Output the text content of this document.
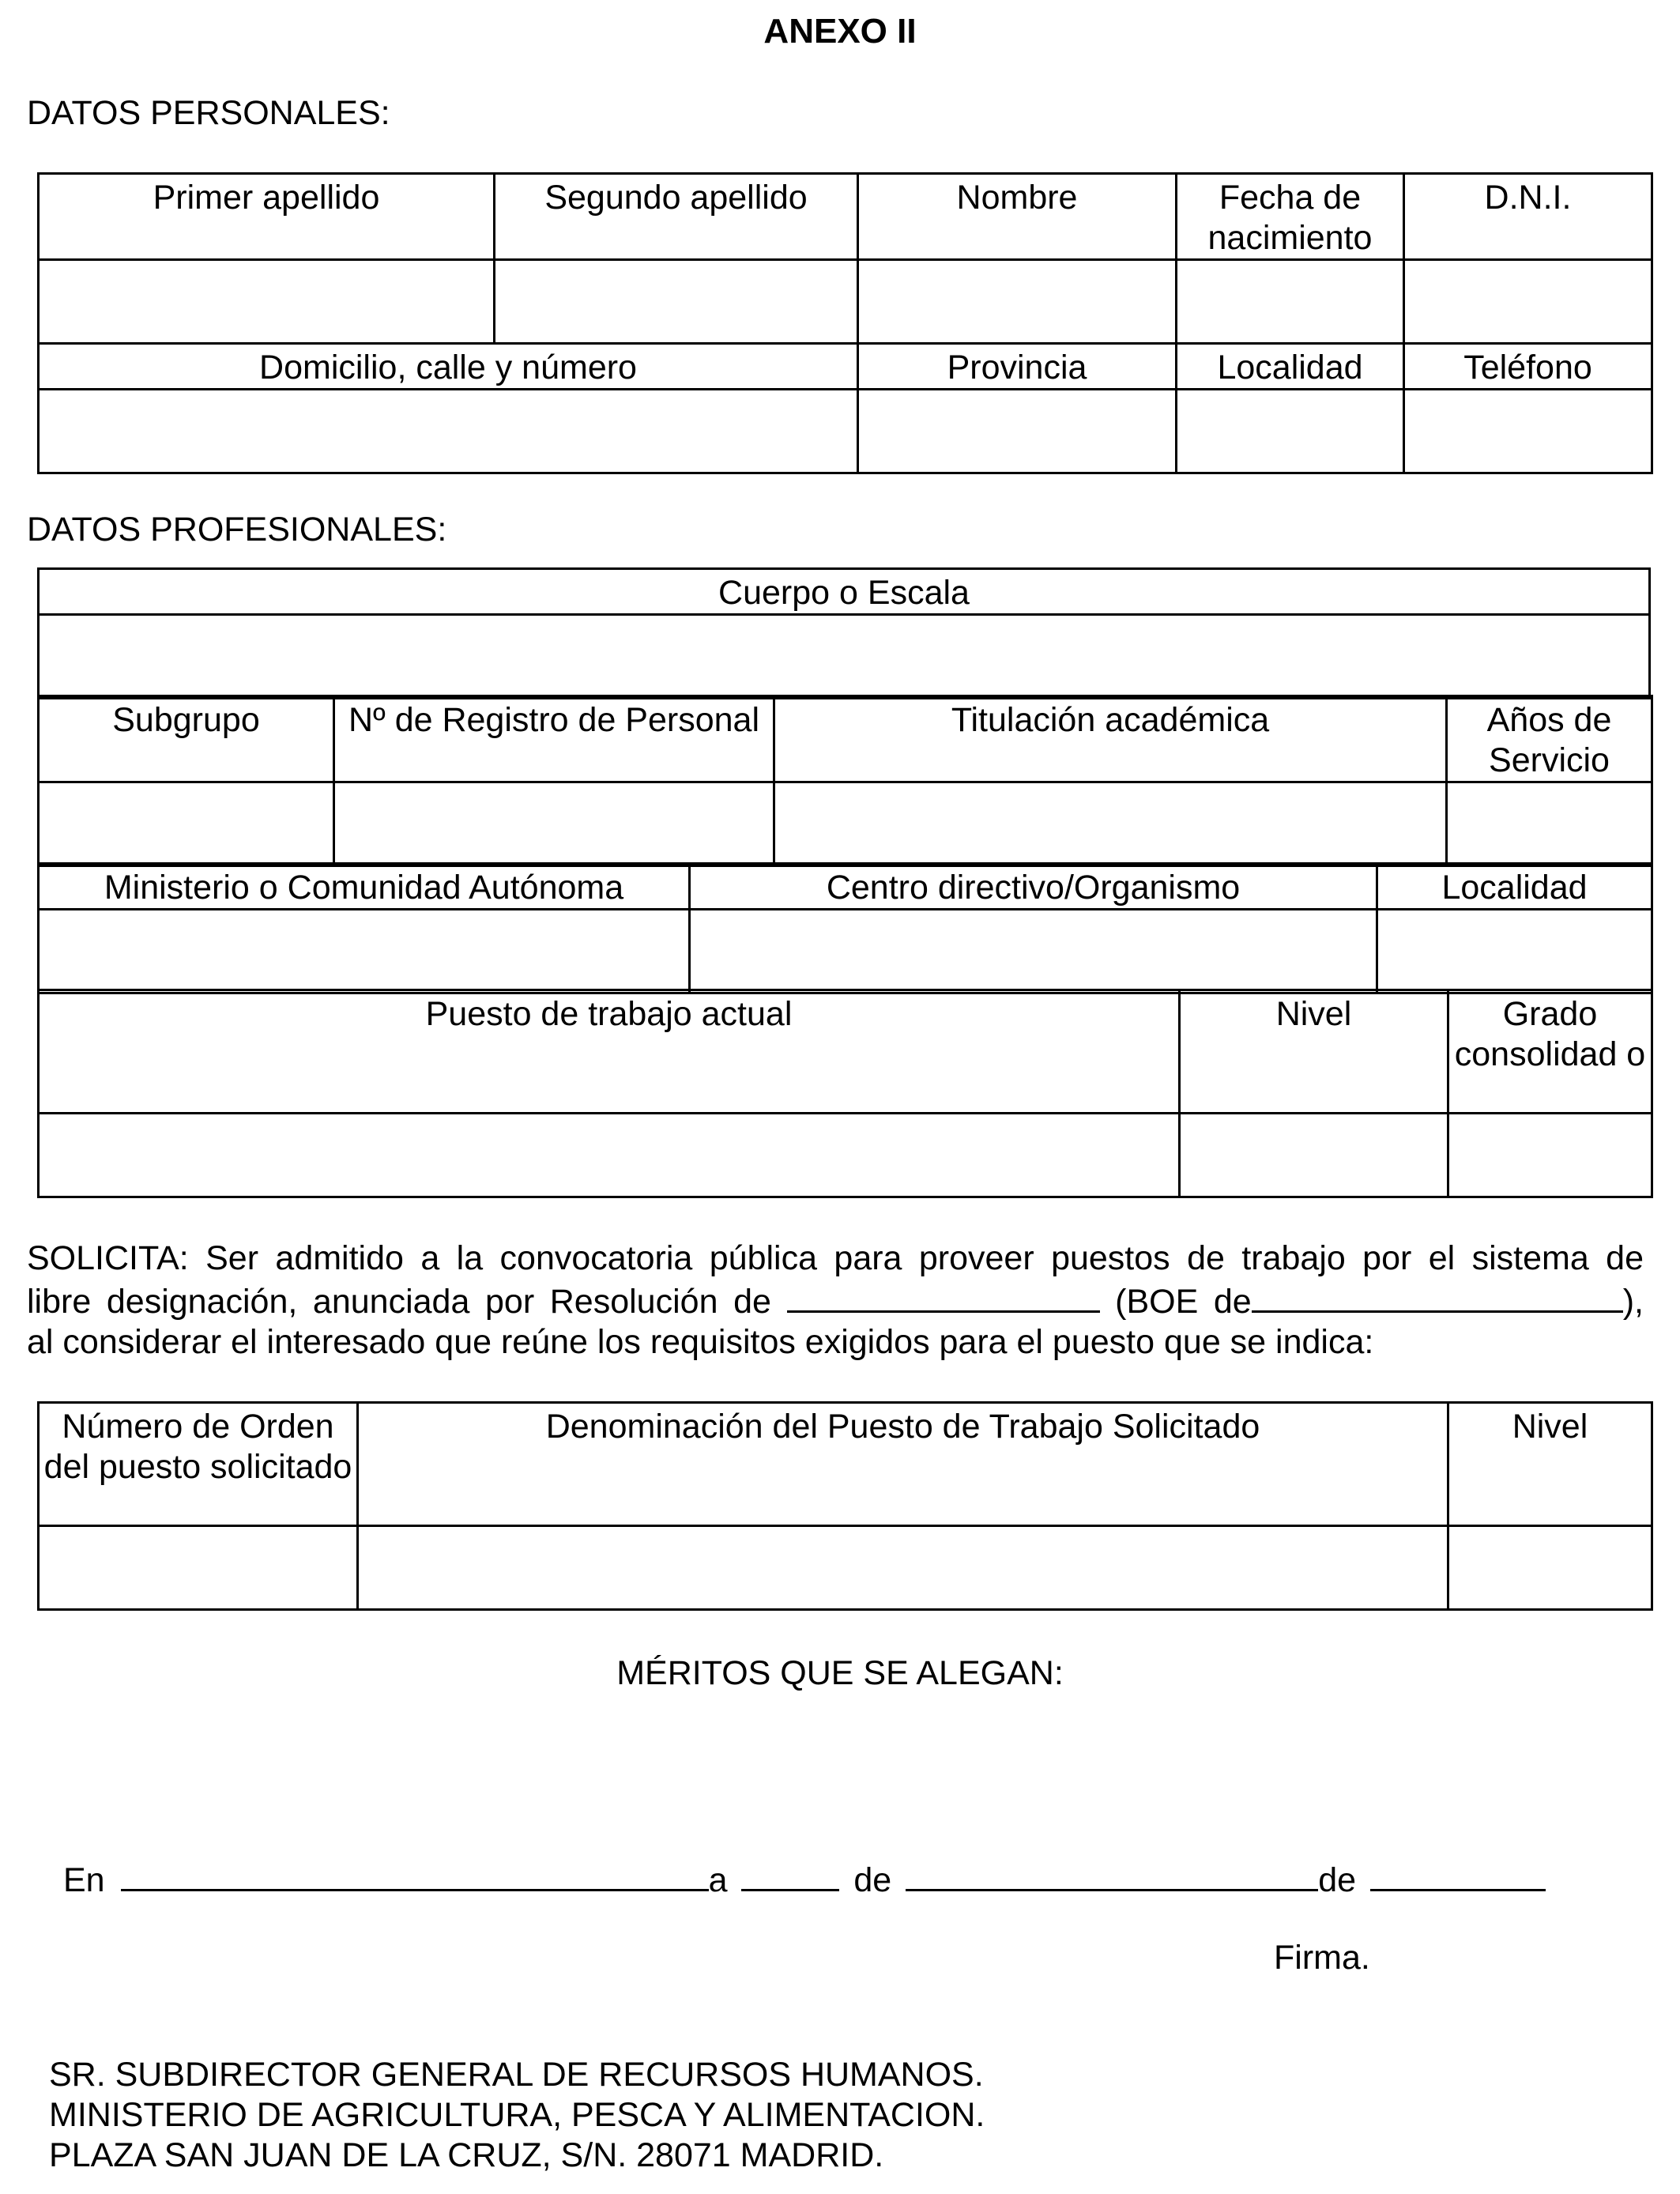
ANEXO II
DATOS PERSONALES:
Primer apellido	Segundo apellido	Nombre	Fecha de nacimiento	D.N.I.

Domicilio, calle y número		Provincia	Localidad	Teléfono

DATOS PROFESIONALES:
Cuerpo o Escala

Subgrupo	Nº de Registro de Personal	Titulación académica	Años de Servicio

Ministerio o Comunidad Autónoma	Centro directivo/Organismo	Localidad

Puesto de trabajo actual	Nivel	Grado consolidad o

SOLICITA: Ser admitido a la convocatoria pública para proveer puestos de trabajo por el sistema de
libre designación, anunciada por Resolución de	(BOE de	),
al considerar el interesado que reúne los requisitos exigidos para el puesto que se indica:
Número de Orden del puesto solicitado	Denominación del Puesto de Trabajo Solicitado	Nivel

MÉRITOS QUE SE ALEGAN:
En	a	de	de
Firma.
SR. SUBDIRECTOR GENERAL DE RECURSOS HUMANOS.
MINISTERIO DE AGRICULTURA, PESCA Y ALIMENTACION.
PLAZA SAN JUAN DE LA CRUZ, S/N. 28071 MADRID.
